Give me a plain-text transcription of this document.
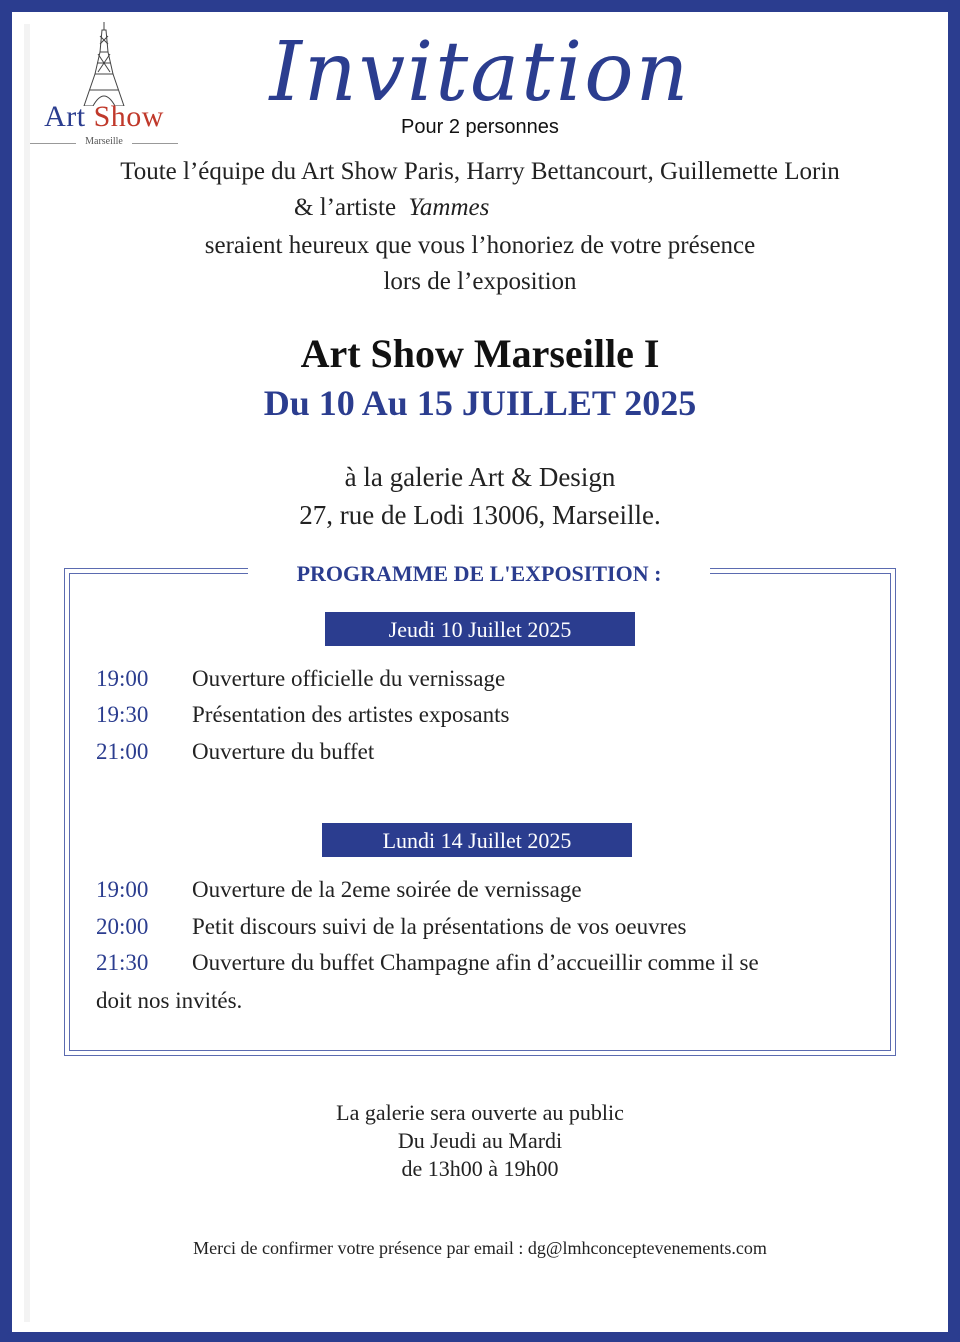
Art Show
Marseille
Invitation
Pour 2 personnes
Toute l’équipe du Art Show Paris, Harry Bettancourt, Guillemette Lorin
& l’artiste Yammes
seraient heureux que vous l’honoriez de votre présence
lors de l’exposition
Art Show Marseille I
Du 10 Au 15 JUILLET 2025
à la galerie Art & Design
27, rue de Lodi 13006, Marseille.
PROGRAMME DE L'EXPOSITION :
Jeudi 10 Juillet 2025
19:00 Ouverture officielle du vernissage
19:30 Présentation des artistes exposants
21:00 Ouverture du buffet
Lundi 14 Juillet 2025
19:00 Ouverture de la 2eme soirée de vernissage
20:00 Petit discours suivi de la présentations de vos oeuvres
21:30 Ouverture du buffet Champagne afin d’accueillir comme il se
doit nos invités.
La galerie sera ouverte au public
Du Jeudi au Mardi
de 13h00 à 19h00
Merci de confirmer votre présence par email : dg@lmhconceptevenements.com
